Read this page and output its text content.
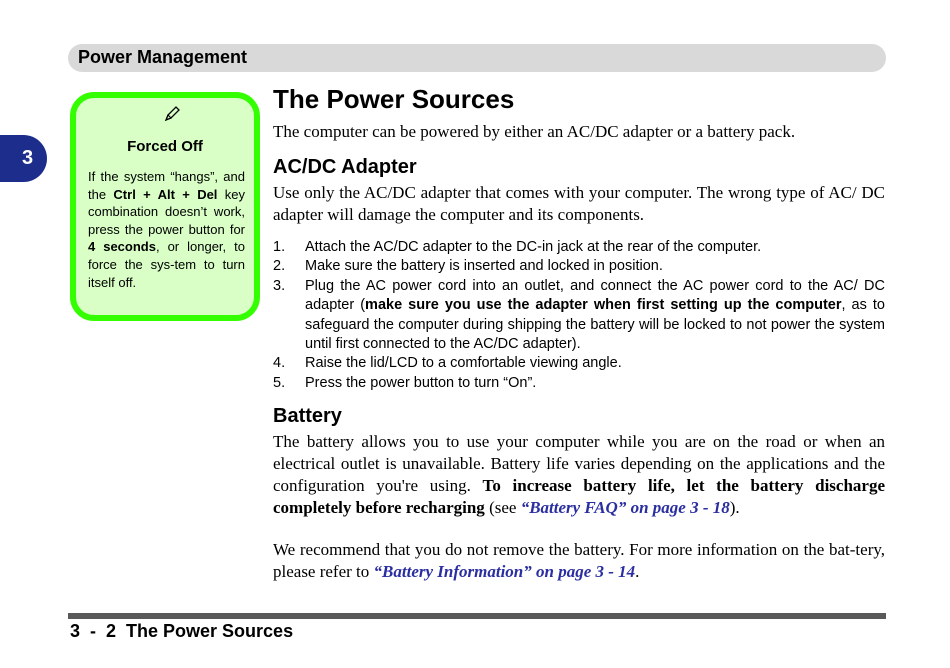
Power Management
3
Forced Off
If the system “hangs”, and the Ctrl + Alt + Del key combination doesn’t work, press the power button for 4 seconds, or longer, to force the sys-tem to turn itself off.
The Power Sources
The computer can be powered by either an AC/DC adapter or a battery pack.
AC/DC Adapter
Use only the AC/DC adapter that comes with your computer. The wrong type of AC/ DC adapter will damage the computer and its components.
1. Attach the AC/DC adapter to the DC-in jack at the rear of the computer.
2. Make sure the battery is inserted and locked in position.
3. Plug the AC power cord into an outlet, and connect the AC power cord to the AC/ DC adapter (make sure you use the adapter when first setting up the computer, as to safeguard the computer during shipping the battery will be locked to not power the system until first connected to the AC/DC adapter).
4. Raise the lid/LCD to a comfortable viewing angle.
5. Press the power button to turn “On”.
Battery
The battery allows you to use your computer while you are on the road or when an electrical outlet is unavailable. Battery life varies depending on the applications and the configuration you're using. To increase battery life, let the battery discharge completely before recharging (see “Battery FAQ” on page 3 - 18).
We recommend that you do not remove the battery. For more information on the bat-tery, please refer to “Battery Information” on page 3 - 14.
3  -  2  The Power Sources
